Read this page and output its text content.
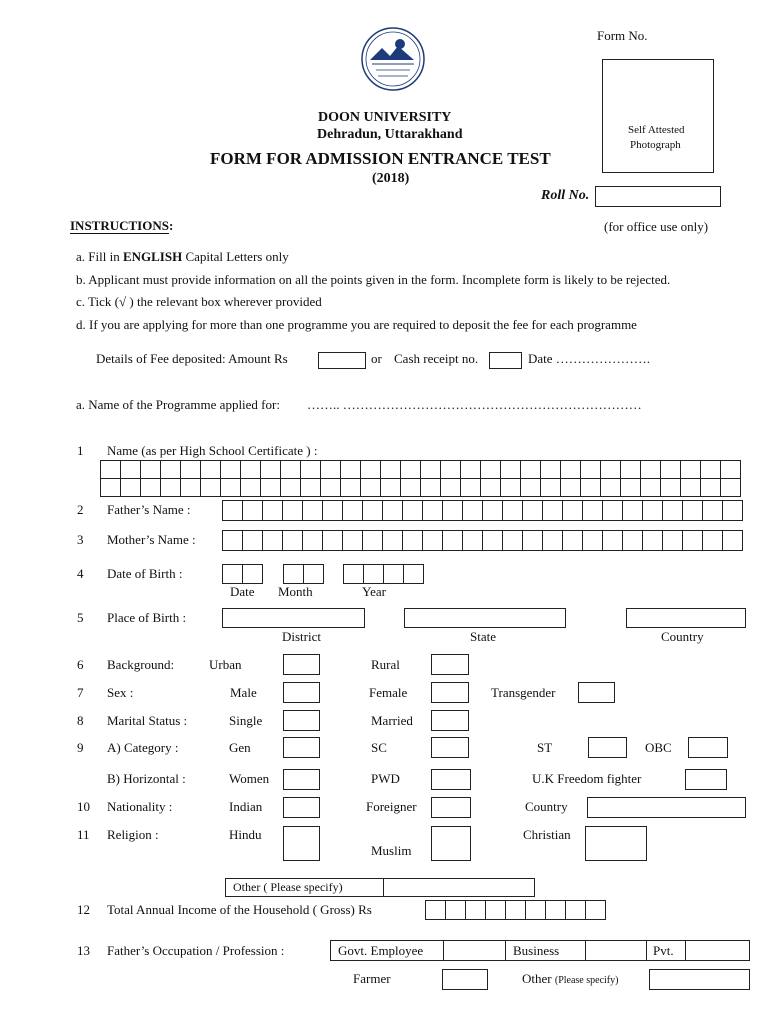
Form No.
DOON UNIVERSITY
Dehradun, Uttarakhand
FORM FOR ADMISSION ENTRANCE TEST
(2018)
Self Attested
Photograph
Roll No.
INSTRUCTIONS:	(for office use only)
a. Fill in ENGLISH Capital Letters only
b. Applicant must provide information on all the points given in the form. Incomplete form is likely to be rejected.
c. Tick (√ ) the relevant box wherever provided
d. If you are applying for more than one programme you are required to deposit the fee for each programme
Details of Fee deposited: Amount Rs	or Cash receipt no.	Date ………………….
a. Name of the Programme applied for: …….. ……………………………………………………………
1 Name (as per High School Certificate ) :
2 Father’s Name :
3 Mother’s Name :
4 Date of Birth :
Date Month	Year
5 Place of Birth :
District	State	Country
6 Background:	Urban	Rural
7 Sex :	Male	Female	Transgender
8 Marital Status :	Single	Married
9 A) Category :	Gen	SC	ST	OBC
B) Horizontal :	Women	PWD	U.K Freedom fighter
10 Nationality :	Indian	Foreigner	Country
11 Religion :	Hindu
Muslim
Christian
Other ( Please specify)
12 Total Annual Income of the Household ( Gross) Rs
13 Father’s Occupation / Profession :	Govt. Employee	Business	Pvt.
Farmer	Other (Please specify)
